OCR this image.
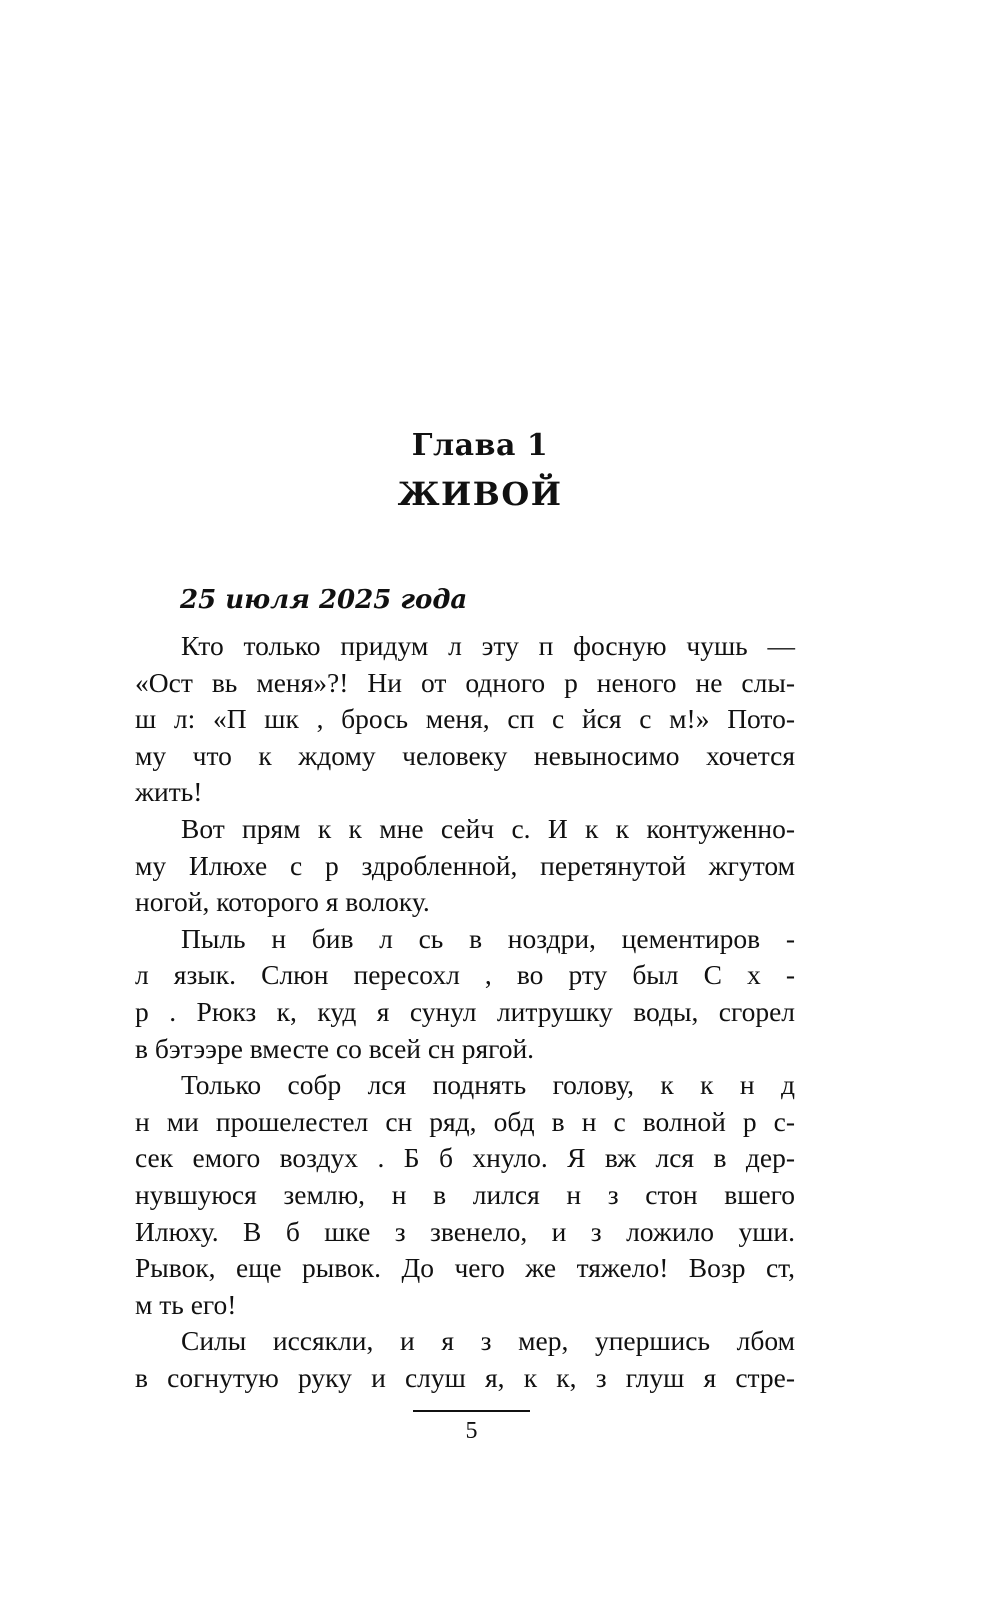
Глава 1
ЖИВОЙ
25 июля 2025 года
Кто только придум л эту п фосную чушь —
«Ост вь меня»?! Ни от одного р неного не слы-
ш л: «П шк , брось меня, сп с йся с м!» Пото-
му что к ждому человеку невыносимо хочется
жить!
Вот прям к к мне сейч с. И к к контуженно-
му Илюхе с р здробленной, перетянутой жгутом
ногой, которого я волоку.
Пыль н бив л сь в ноздри, цементиров -
л язык. Слюн пересохл , во рту был С х -
р . Рюкз к, куд я сунул литрушку воды, сгорел
в бэтээре вместе со всей сн рягой.
Только собр лся поднять голову, к к н д
н ми прошелестел сн ряд, обд в н с волной р с-
сек емого воздух . Б б хнуло. Я вж лся в дер-
нувшуюся землю, н в лился н з стон вшего
Илюху. В б шке з звенело, и з ложило уши.
Рывок, еще рывок. До чего же тяжело! Возр ст,
м ть его!
Силы иссякли, и я з мер, упершись лбом
в согнутую руку и слуш я, к к, з глуш я стре-
5
